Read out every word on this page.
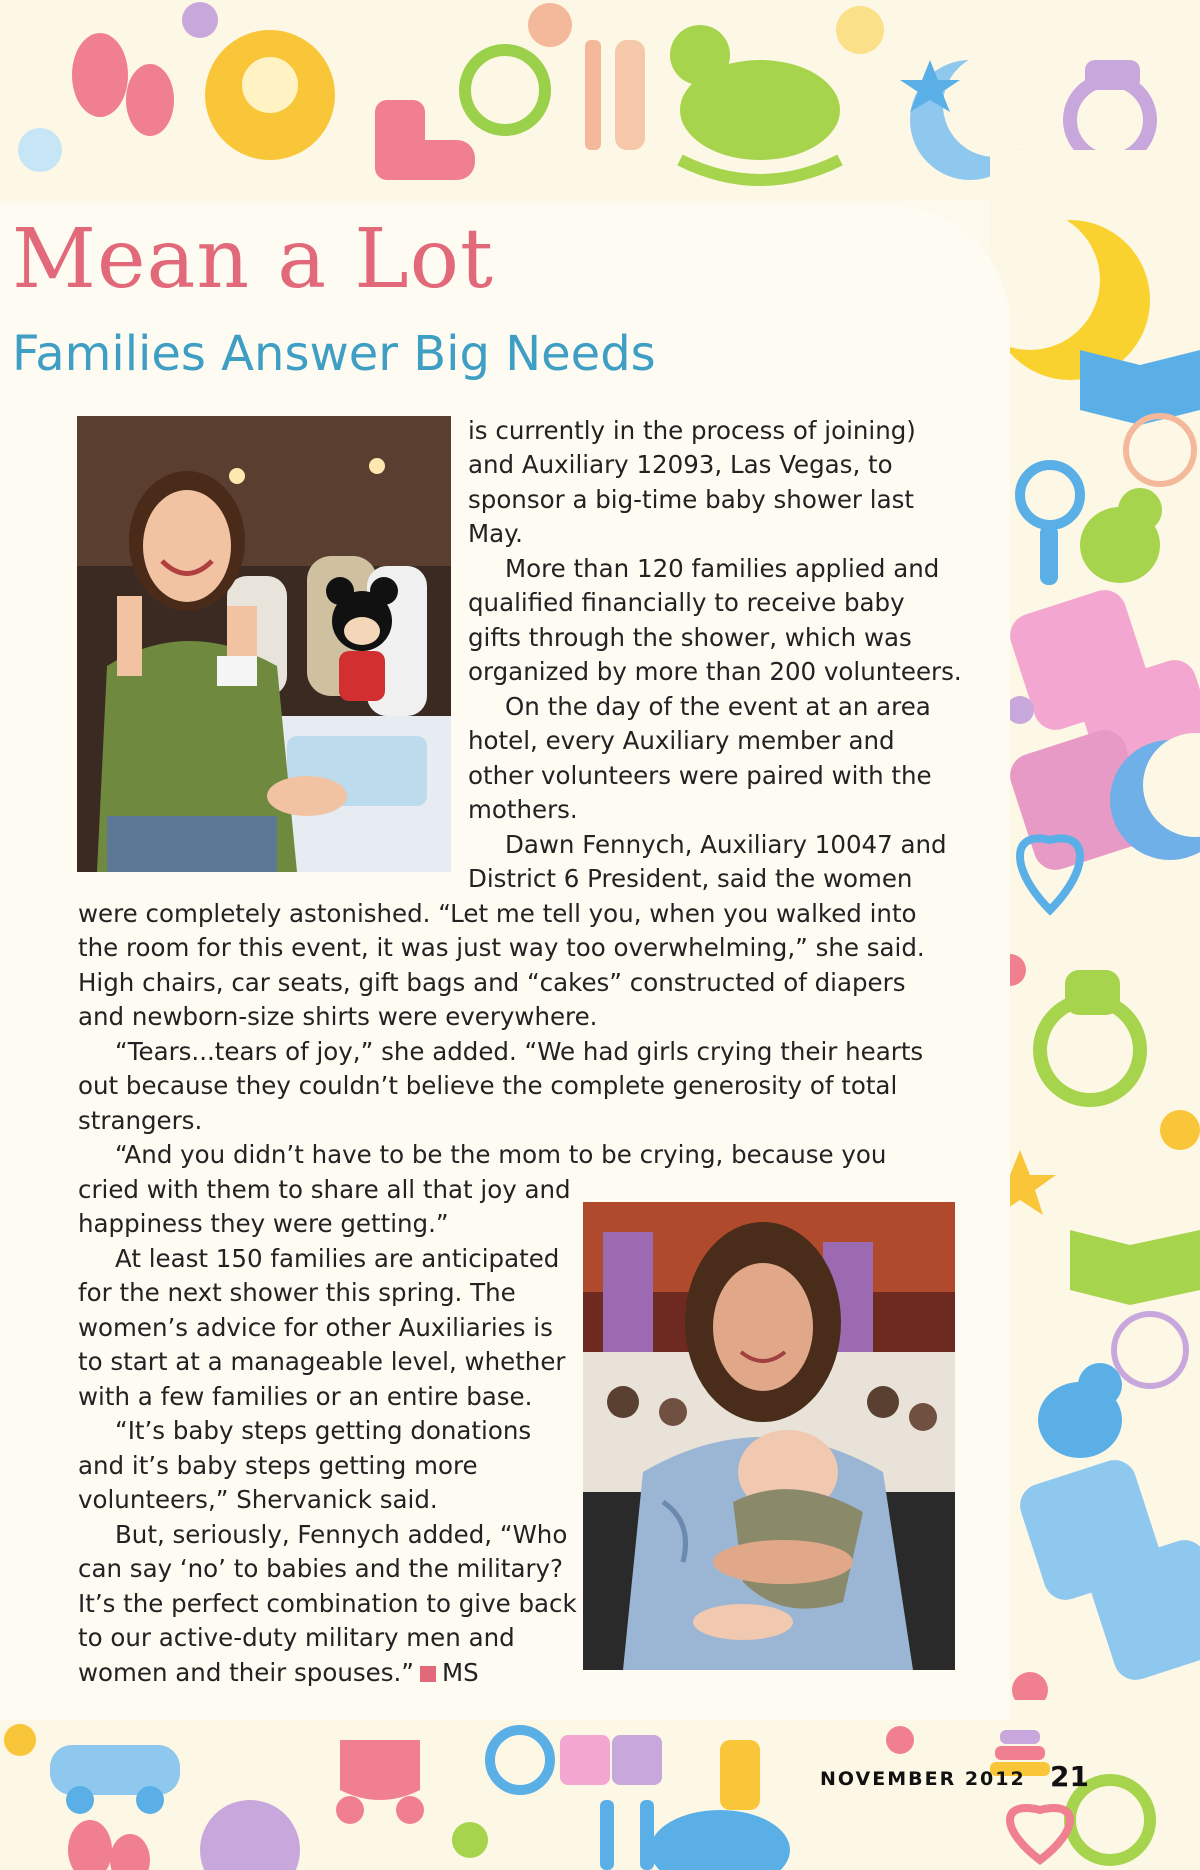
Mean a Lot
Families Answer Big Needs

is currently in the process of joining)

and Auxiliary 12093, Las Vegas, to

sponsor a big-time baby shower last

May.

More than 120 families applied and

qualified financially to receive baby

gifts through the shower, which was

organized by more than 200 volunteers.

On the day of the event at an area

hotel, every Auxiliary member and

other volunteers were paired with the

mothers.

Dawn Fennych, Auxiliary 10047 and

District 6 President, said the women

were completely astonished. “Let me tell you, when you walked into

the room for this event, it was just way too overwhelming,” she said.

High chairs, car seats, gift bags and “cakes” constructed of diapers

and newborn-size shirts were everywhere.

“Tears...tears of joy,” she added. “We had girls crying their hearts

out because they couldn’t believe the complete generosity of total

strangers.

“And you didn’t have to be the mom to be crying, because you

cried with them to share all that joy and

happiness they were getting.”

At least 150 families are anticipated

for the next shower this spring. The

women’s advice for other Auxiliaries is

to start at a manageable level, whether

with a few families or an entire base.

“It’s baby steps getting donations

and it’s baby steps getting more

volunteers,” Shervanick said.

But, seriously, Fennych added, “Who

can say ‘no’ to babies and the military?

It’s the perfect combination to give back

to our active-duty military men and

women and their spouses.” MS

NOVEMBER 2012 21
